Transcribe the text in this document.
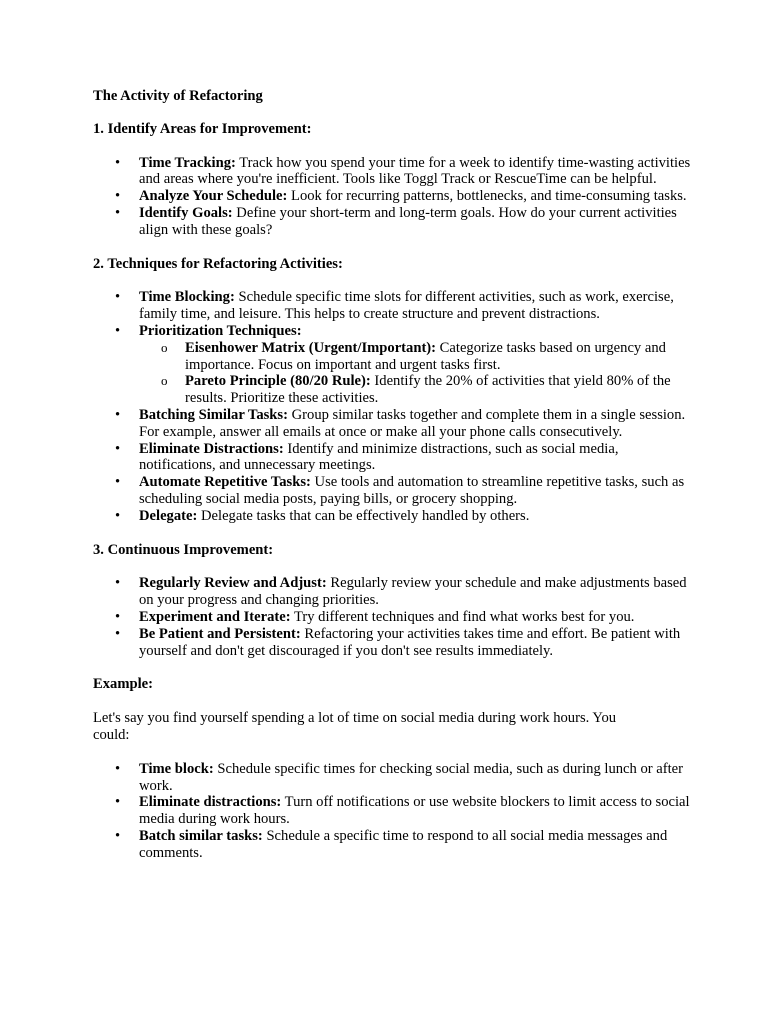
The Activity of Refactoring

1. Identify Areas for Improvement:

• Time Tracking: Track how you spend your time for a week to identify time-wasting activities and areas where you're inefficient. Tools like Toggl Track or RescueTime can be helpful.
• Analyze Your Schedule: Look for recurring patterns, bottlenecks, and time-consuming tasks.
• Identify Goals: Define your short-term and long-term goals. How do your current activities align with these goals?

2. Techniques for Refactoring Activities:

• Time Blocking: Schedule specific time slots for different activities, such as work, exercise, family time, and leisure. This helps to create structure and prevent distractions.
• Prioritization Techniques:
o Eisenhower Matrix (Urgent/Important): Categorize tasks based on urgency and importance. Focus on important and urgent tasks first.
o Pareto Principle (80/20 Rule): Identify the 20% of activities that yield 80% of the results. Prioritize these activities.
• Batching Similar Tasks: Group similar tasks together and complete them in a single session. For example, answer all emails at once or make all your phone calls consecutively.
• Eliminate Distractions: Identify and minimize distractions, such as social media, notifications, and unnecessary meetings.
• Automate Repetitive Tasks: Use tools and automation to streamline repetitive tasks, such as scheduling social media posts, paying bills, or grocery shopping.
• Delegate: Delegate tasks that can be effectively handled by others.

3. Continuous Improvement:

• Regularly Review and Adjust: Regularly review your schedule and make adjustments based on your progress and changing priorities.
• Experiment and Iterate: Try different techniques and find what works best for you.
• Be Patient and Persistent: Refactoring your activities takes time and effort. Be patient with yourself and don't get discouraged if you don't see results immediately.

Example:

Let's say you find yourself spending a lot of time on social media during work hours. You could:

• Time block: Schedule specific times for checking social media, such as during lunch or after work.
• Eliminate distractions: Turn off notifications or use website blockers to limit access to social media during work hours.
• Batch similar tasks: Schedule a specific time to respond to all social media messages and comments.
